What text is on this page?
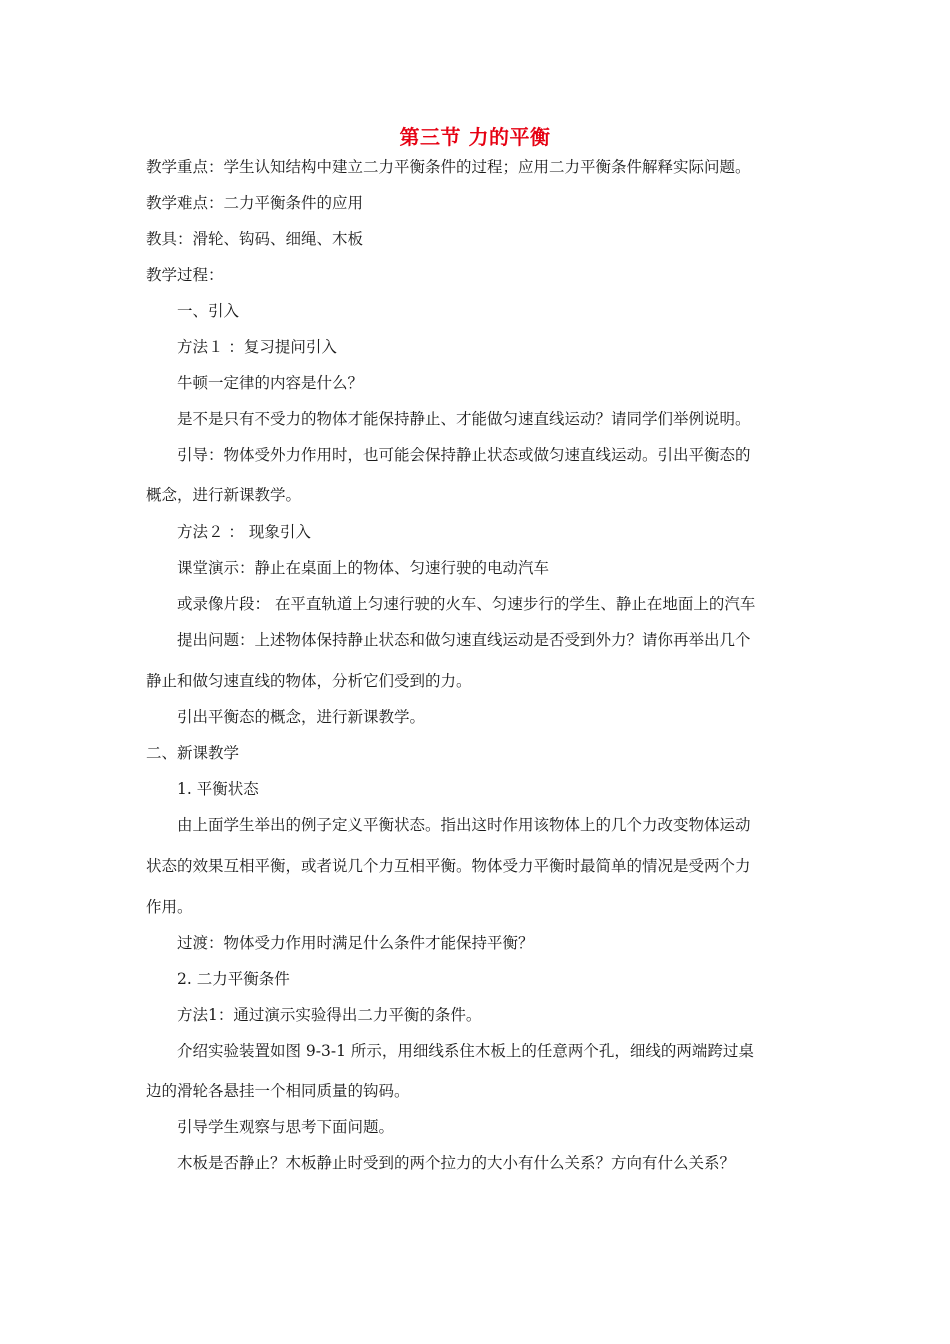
第三节 力的平衡
教学重点：学生认知结构中建立二力平衡条件的过程；应用二力平衡条件解释实际问题。
教学难点：二力平衡条件的应用
教具：滑轮、钩码、细绳、木板
教学过程：
一、引入
方法１ ：复习提问引入
牛顿一定律的内容是什么？
是不是只有不受力的物体才能保持静止、才能做匀速直线运动？请同学们举例说明。
引导：物体受外力作用时，也可能会保持静止状态或做匀速直线运动。引出平衡态的
概念，进行新课教学。
方法２ ： 现象引入
课堂演示：静止在桌面上的物体、匀速行驶的电动汽车
或录像片段： 在平直轨道上匀速行驶的火车、匀速步行的学生、静止在地面上的汽车
提出问题：上述物体保持静止状态和做匀速直线运动是否受到外力？请你再举出几个
静止和做匀速直线的物体，分析它们受到的力。
引出平衡态的概念，进行新课教学。
二、新课教学
1. 平衡状态
由上面学生举出的例子定义平衡状态。指出这时作用该物体上的几个力改变物体运动
状态的效果互相平衡，或者说几个力互相平衡。物体受力平衡时最简单的情况是受两个力
作用。
过渡：物体受力作用时满足什么条件才能保持平衡？
2. 二力平衡条件
方法1：通过演示实验得出二力平衡的条件。
介绍实验装置如图 9-3-1 所示，用细线系住木板上的任意两个孔，细线的两端跨过桌
边的滑轮各悬挂一个相同质量的钩码。
引导学生观察与思考下面问题。
木板是否静止？木板静止时受到的两个拉力的大小有什么关系？方向有什么关系？
